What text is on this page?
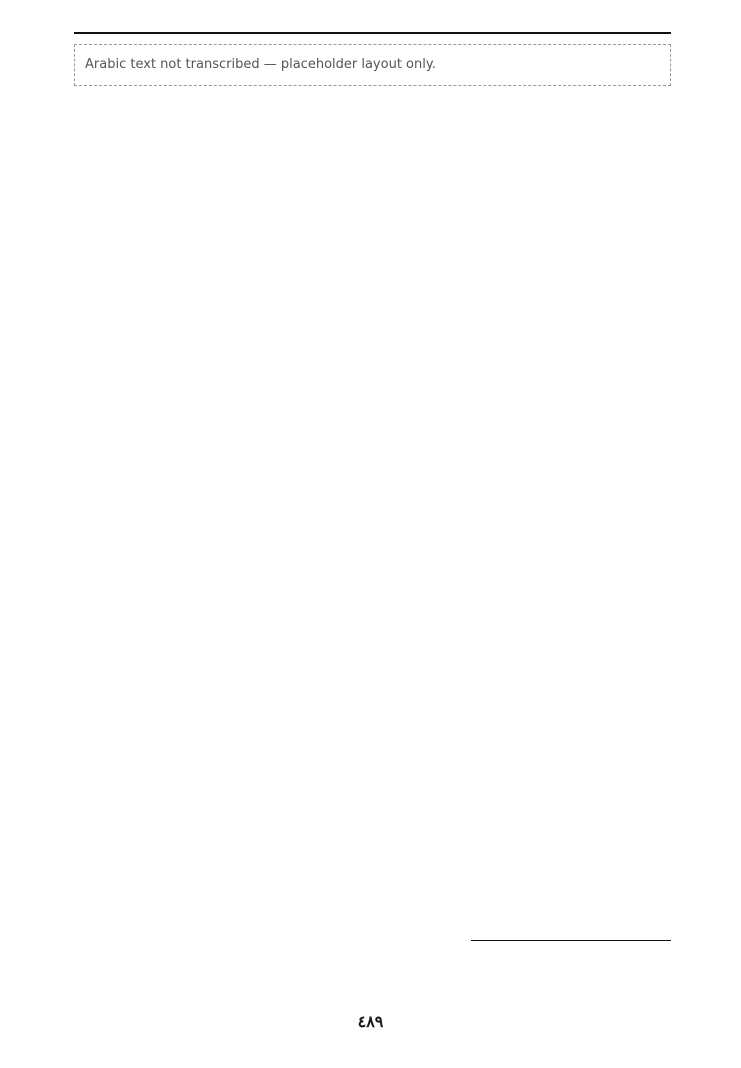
Arabic text not transcribed — placeholder layout only.

٤٨٩
